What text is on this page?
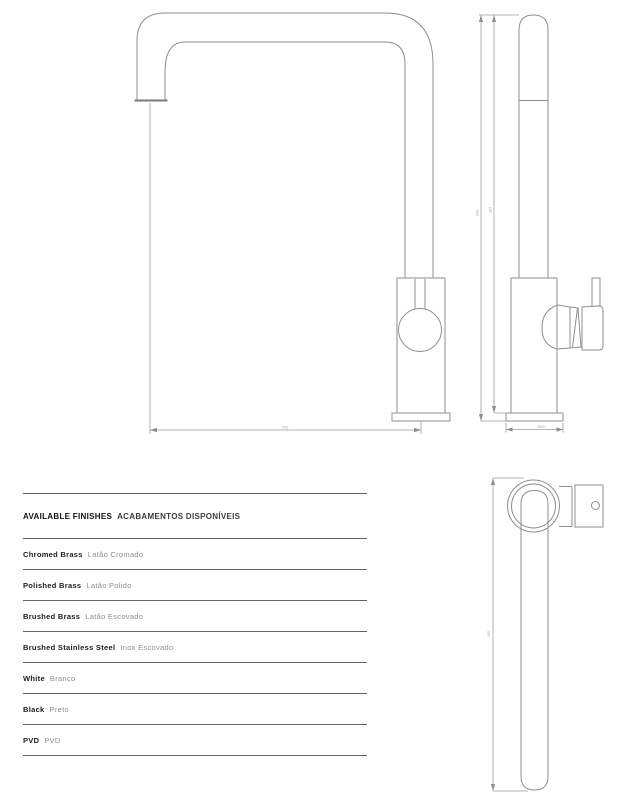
255
390 385
Ø50
300
AVAILABLE FINISHES ACABAMENTOS DISPONÍVEIS
Chromed Brass Latão Cromado
Polished Brass Latão Polido
Brushed Brass Latão Escovado
Brushed Stainless Steel Inox Escovado
White Branco
Black Preto
PVD PVD
